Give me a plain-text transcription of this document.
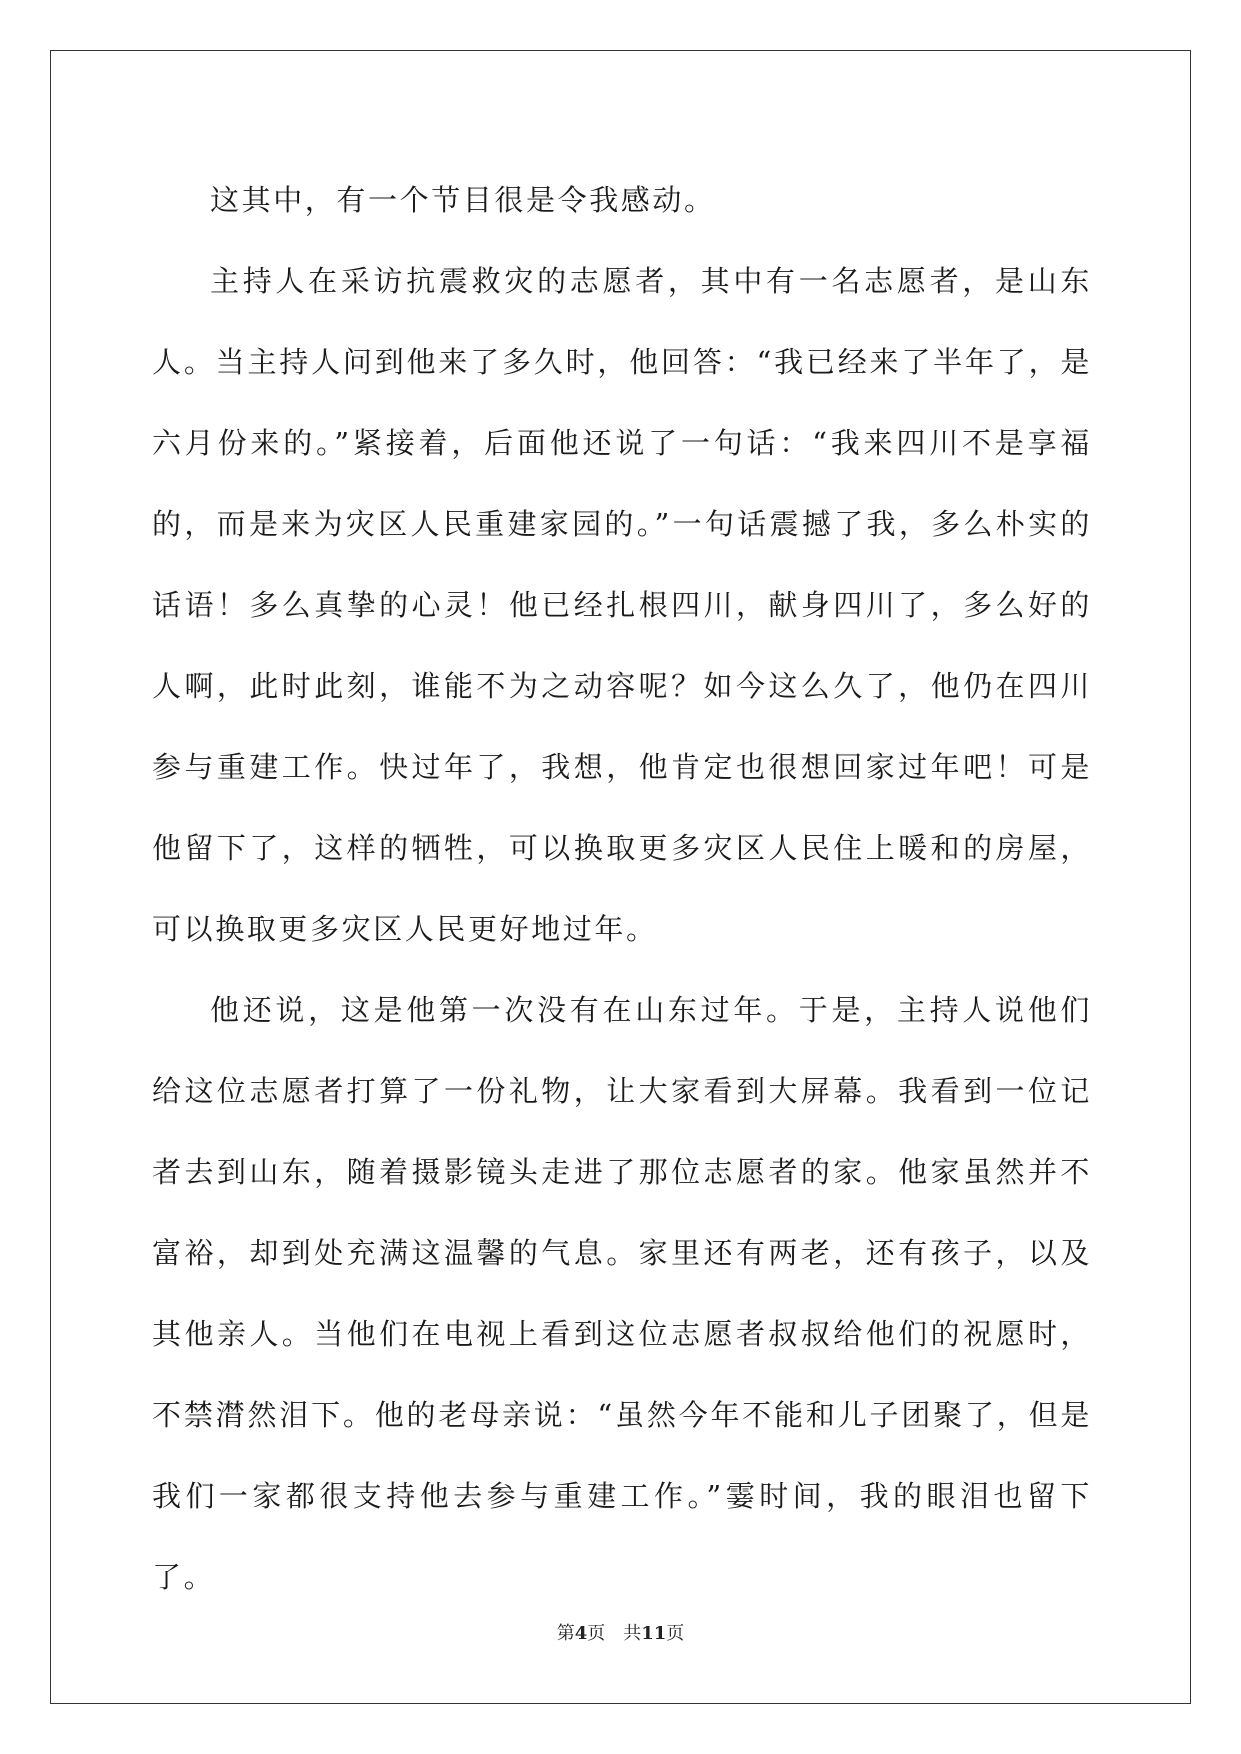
这其中，有一个节目很是令我感动。

主持人在采访抗震救灾的志愿者，其中有一名志愿者，是山东人。当主持人问到他来了多久时，他回答：“我已经来了半年了，是六月份来的。”紧接着，后面他还说了一句话：“我来四川不是享福的，而是来为灾区人民重建家园的。”一句话震撼了我，多么朴实的话语！多么真挚的心灵！他已经扎根四川，献身四川了，多么好的人啊，此时此刻，谁能不为之动容呢？如今这么久了，他仍在四川参与重建工作。快过年了，我想，他肯定也很想回家过年吧！可是他留下了，这样的牺牲，可以换取更多灾区人民住上暖和的房屋，可以换取更多灾区人民更好地过年。

他还说，这是他第一次没有在山东过年。于是，主持人说他们给这位志愿者打算了一份礼物，让大家看到大屏幕。我看到一位记者去到山东，随着摄影镜头走进了那位志愿者的家。他家虽然并不富裕，却到处充满这温馨的气息。家里还有两老，还有孩子，以及其他亲人。当他们在电视上看到这位志愿者叔叔给他们的祝愿时，不禁潸然泪下。他的老母亲说：“虽然今年不能和儿子团聚了，但是我们一家都很支持他去参与重建工作。”霎时间，我的眼泪也留下了。

第4页 共11页
